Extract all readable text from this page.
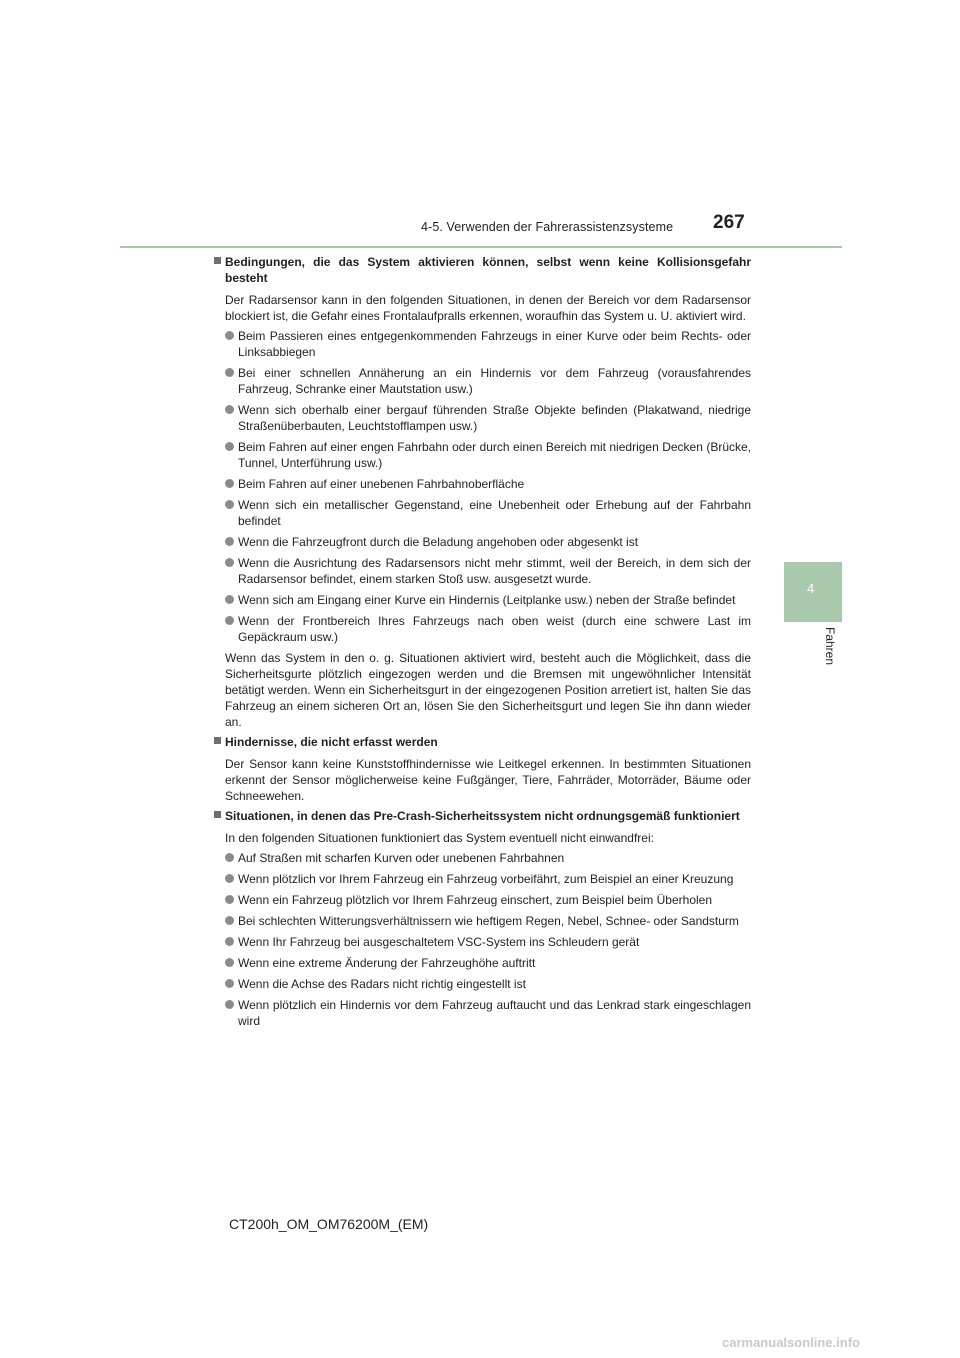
4-5. Verwenden der Fahrerassistenzsysteme 267
4
Fahren
Bedingungen, die das System aktivieren können, selbst wenn keine Kollisionsgefahr besteht
Der Radarsensor kann in den folgenden Situationen, in denen der Bereich vor dem Radarsensor blockiert ist, die Gefahr eines Frontalaufpralls erkennen, woraufhin das System u. U. aktiviert wird.
Beim Passieren eines entgegenkommenden Fahrzeugs in einer Kurve oder beim Rechts- oder Linksabbiegen
Bei einer schnellen Annäherung an ein Hindernis vor dem Fahrzeug (vorausfahrendes Fahrzeug, Schranke einer Mautstation usw.)
Wenn sich oberhalb einer bergauf führenden Straße Objekte befinden (Plakatwand, niedrige Straßenüberbauten, Leuchtstofflampen usw.)
Beim Fahren auf einer engen Fahrbahn oder durch einen Bereich mit niedrigen Decken (Brücke, Tunnel, Unterführung usw.)
Beim Fahren auf einer unebenen Fahrbahnoberfläche
Wenn sich ein metallischer Gegenstand, eine Unebenheit oder Erhebung auf der Fahrbahn befindet
Wenn die Fahrzeugfront durch die Beladung angehoben oder abgesenkt ist
Wenn die Ausrichtung des Radarsensors nicht mehr stimmt, weil der Bereich, in dem sich der Radarsensor befindet, einem starken Stoß usw. ausgesetzt wurde.
Wenn sich am Eingang einer Kurve ein Hindernis (Leitplanke usw.) neben der Straße befindet
Wenn der Frontbereich Ihres Fahrzeugs nach oben weist (durch eine schwere Last im Gepäckraum usw.)
Wenn das System in den o. g. Situationen aktiviert wird, besteht auch die Möglichkeit, dass die Sicherheitsgurte plötzlich eingezogen werden und die Bremsen mit ungewöhnlicher Intensität betätigt werden. Wenn ein Sicherheitsgurt in der eingezogenen Position arretiert ist, halten Sie das Fahrzeug an einem sicheren Ort an, lösen Sie den Sicherheitsgurt und legen Sie ihn dann wieder an.
Hindernisse, die nicht erfasst werden
Der Sensor kann keine Kunststoffhindernisse wie Leitkegel erkennen. In bestimmten Situationen erkennt der Sensor möglicherweise keine Fußgänger, Tiere, Fahrräder, Motorräder, Bäume oder Schneewehen.
Situationen, in denen das Pre-Crash-Sicherheitssystem nicht ordnungsgemäß funktioniert
In den folgenden Situationen funktioniert das System eventuell nicht einwandfrei:
Auf Straßen mit scharfen Kurven oder unebenen Fahrbahnen
Wenn plötzlich vor Ihrem Fahrzeug ein Fahrzeug vorbeifährt, zum Beispiel an einer Kreuzung
Wenn ein Fahrzeug plötzlich vor Ihrem Fahrzeug einschert, zum Beispiel beim Überholen
Bei schlechten Witterungsverhältnissern wie heftigem Regen, Nebel, Schnee- oder Sandsturm
Wenn Ihr Fahrzeug bei ausgeschaltetem VSC-System ins Schleudern gerät
Wenn eine extreme Änderung der Fahrzeughöhe auftritt
Wenn die Achse des Radars nicht richtig eingestellt ist
Wenn plötzlich ein Hindernis vor dem Fahrzeug auftaucht und das Lenkrad stark eingeschlagen wird
CT200h_OM_OM76200M_(EM)
carmanualsonline.info
